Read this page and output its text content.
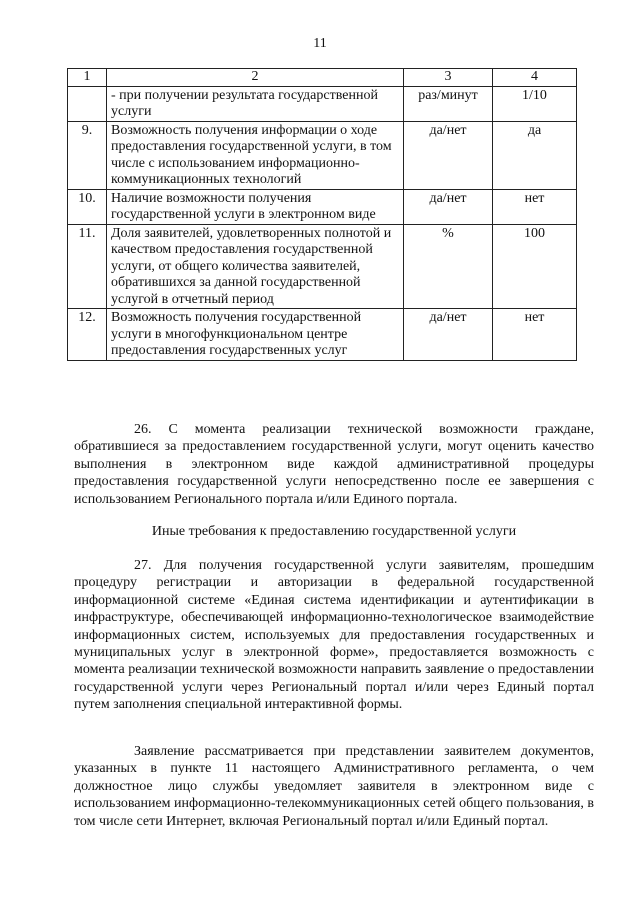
11
1	2	3	4
	- при получении результата государственной услуги	раз/минут	1/10
9.	Возможность получения информации о ходе предоставления государственной услуги, в том числе с использованием информационно-коммуникационных технологий	да/нет	да
10.	Наличие возможности получения государственной услуги в электронном виде	да/нет	нет
11.	Доля заявителей, удовлетворенных полнотой и качеством предоставления государственной услуги, от общего количества заявителей, обратившихся за данной государственной услугой в отчетный период	%	100
12.	Возможность получения государственной услуги в многофункциональном центре предоставления государственных услуг	да/нет	нет

26. С момента реализации технической возможности граждане, обратившиеся за предоставлением государственной услуги, могут оценить качество выполнения в электронном виде каждой административной процедуры предоставления государственной услуги непосредственно после ее завершения с использованием Регионального портала и/или Единого портала.

Иные требования к предоставлению государственной услуги

27. Для получения государственной услуги заявителям, прошедшим процедуру регистрации и авторизации в федеральной государственной информационной системе «Единая система идентификации и аутентификации в инфраструктуре, обеспечивающей информационно-технологическое взаимодействие информационных систем, используемых для предоставления государственных и муниципальных услуг в электронной форме», предоставляется возможность с момента реализации технической возможности направить заявление о предоставлении государственной услуги через Региональный портал и/или через Единый портал путем заполнения специальной интерактивной формы.

Заявление рассматривается при представлении заявителем документов, указанных в пункте 11 настоящего Административного регламента, о чем должностное лицо службы уведомляет заявителя в электронном виде с использованием информационно-телекоммуникационных сетей общего пользования, в том числе сети Интернет, включая Региональный портал и/или Единый портал.
